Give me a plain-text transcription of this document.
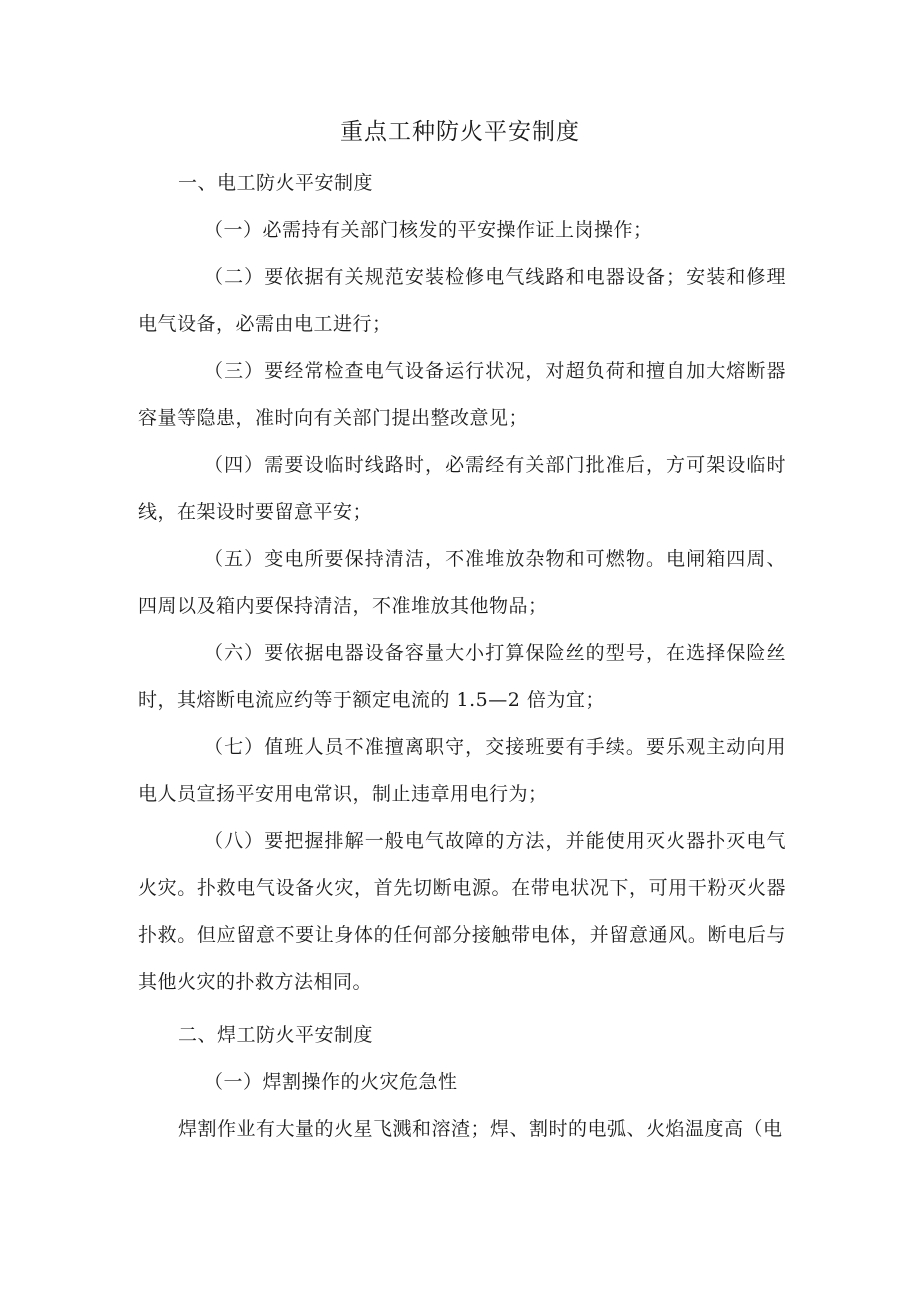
重点工种防火平安制度

一、电工防火平安制度

（一）必需持有关部门核发的平安操作证上岗操作；

（二）要依据有关规范安装检修电气线路和电器设备；安装和修理电气设备，必需由电工进行；

（三）要经常检查电气设备运行状况，对超负荷和擅自加大熔断器容量等隐患，准时向有关部门提出整改意见；

（四）需要设临时线路时，必需经有关部门批准后，方可架设临时线，在架设时要留意平安；

（五）变电所要保持清洁，不准堆放杂物和可燃物。电闸箱四周、四周以及箱内要保持清洁，不准堆放其他物品；

（六）要依据电器设备容量大小打算保险丝的型号，在选择保险丝时，其熔断电流应约等于额定电流的 1.5—2 倍为宜；

（七）值班人员不准擅离职守，交接班要有手续。要乐观主动向用电人员宣扬平安用电常识，制止违章用电行为；

（八）要把握排解一般电气故障的方法，并能使用灭火器扑灭电气火灾。扑救电气设备火灾，首先切断电源。在带电状况下，可用干粉灭火器扑救。但应留意不要让身体的任何部分接触带电体，并留意通风。断电后与其他火灾的扑救方法相同。

二、焊工防火平安制度

（一）焊割操作的火灾危急性

焊割作业有大量的火星飞溅和溶渣；焊、割时的电弧、火焰温度高（电
